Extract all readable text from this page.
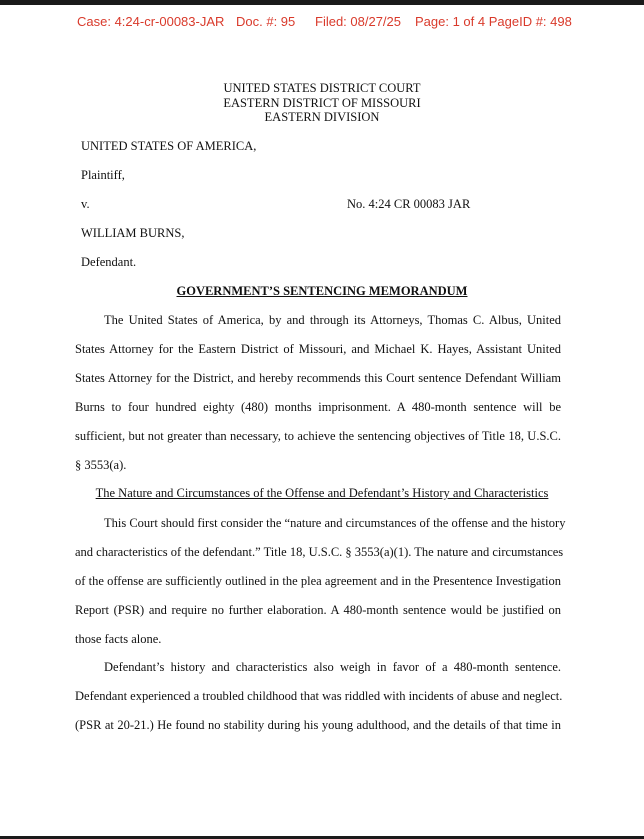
Case: 4:24-cr-00083-JAR Doc. #: 95 Filed: 08/27/25 Page: 1 of 4 PageID #: 498
UNITED STATES DISTRICT COURT
EASTERN DISTRICT OF MISSOURI
EASTERN DIVISION
UNITED STATES OF AMERICA,
Plaintiff,
v.	No. 4:24 CR 00083 JAR
WILLIAM BURNS,
Defendant.
GOVERNMENT’S SENTENCING MEMORANDUM
The United States of America, by and through its Attorneys, Thomas C. Albus, United
States Attorney for the Eastern District of Missouri, and Michael K. Hayes, Assistant United
States Attorney for the District, and hereby recommends this Court sentence Defendant William
Burns to four hundred eighty (480) months imprisonment. A 480-month sentence will be
sufficient, but not greater than necessary, to achieve the sentencing objectives of Title 18, U.S.C.
§ 3553(a).
The Nature and Circumstances of the Offense and Defendant’s History and Characteristics
This Court should first consider the “nature and circumstances of the offense and the history
and characteristics of the defendant.” Title 18, U.S.C. § 3553(a)(1). The nature and circumstances
of the offense are sufficiently outlined in the plea agreement and in the Presentence Investigation
Report (PSR) and require no further elaboration. A 480-month sentence would be justified on
those facts alone.
Defendant’s history and characteristics also weigh in favor of a 480-month sentence.
Defendant experienced a troubled childhood that was riddled with incidents of abuse and neglect.
(PSR at 20-21.) He found no stability during his young adulthood, and the details of that time in
